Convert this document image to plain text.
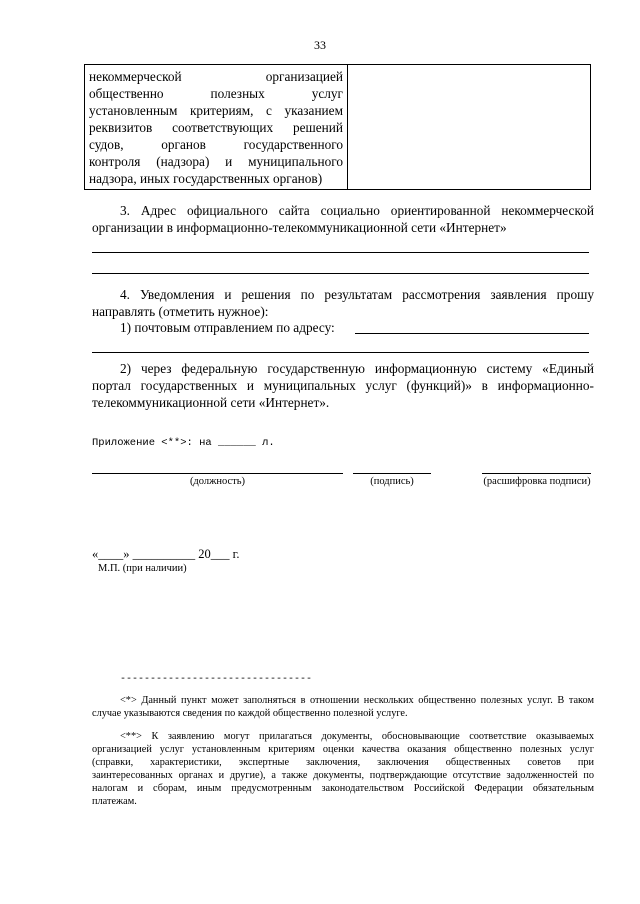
33

некоммерческой организацией

общественно полезных услуг

установленным критериям, с указанием

реквизитов соответствующих решений

судов, органов государственного

контроля (надзора) и муниципального

надзора, иных государственных органов)

3. Адрес официального сайта социально ориентированной некоммерческой

организации в информационно-телекоммуникационной сети «Интернет»

4. Уведомления и решения по результатам рассмотрения заявления прошу

направлять (отметить нужное):

1) почтовым отправлением по адресу:

2) через федеральную государственную информационную систему «Единый

портал государственных и муниципальных услуг (функций)» в информационно-

телекоммуникационной сети «Интернет».

Приложение <**>: на ______ л.
(должность)	(подпись)	(расшифровка подписи)
«____» __________ 20___ г.
М.П. (при наличии)
--------------------------------

<*> Данный пункт может заполняться в отношении нескольких общественно полезных услуг. В таком

случае указываются сведения по каждой общественно полезной услуге.

<**> К заявлению могут прилагаться документы, обосновывающие соответствие оказываемых

организацией услуг установленным критериям оценки качества оказания общественно полезных услуг

(справки, характеристики, экспертные заключения, заключения общественных советов при

заинтересованных органах и другие), а также документы, подтверждающие отсутствие задолженностей по

налогам и сборам, иным предусмотренным законодательством Российской Федерации обязательным

платежам.
